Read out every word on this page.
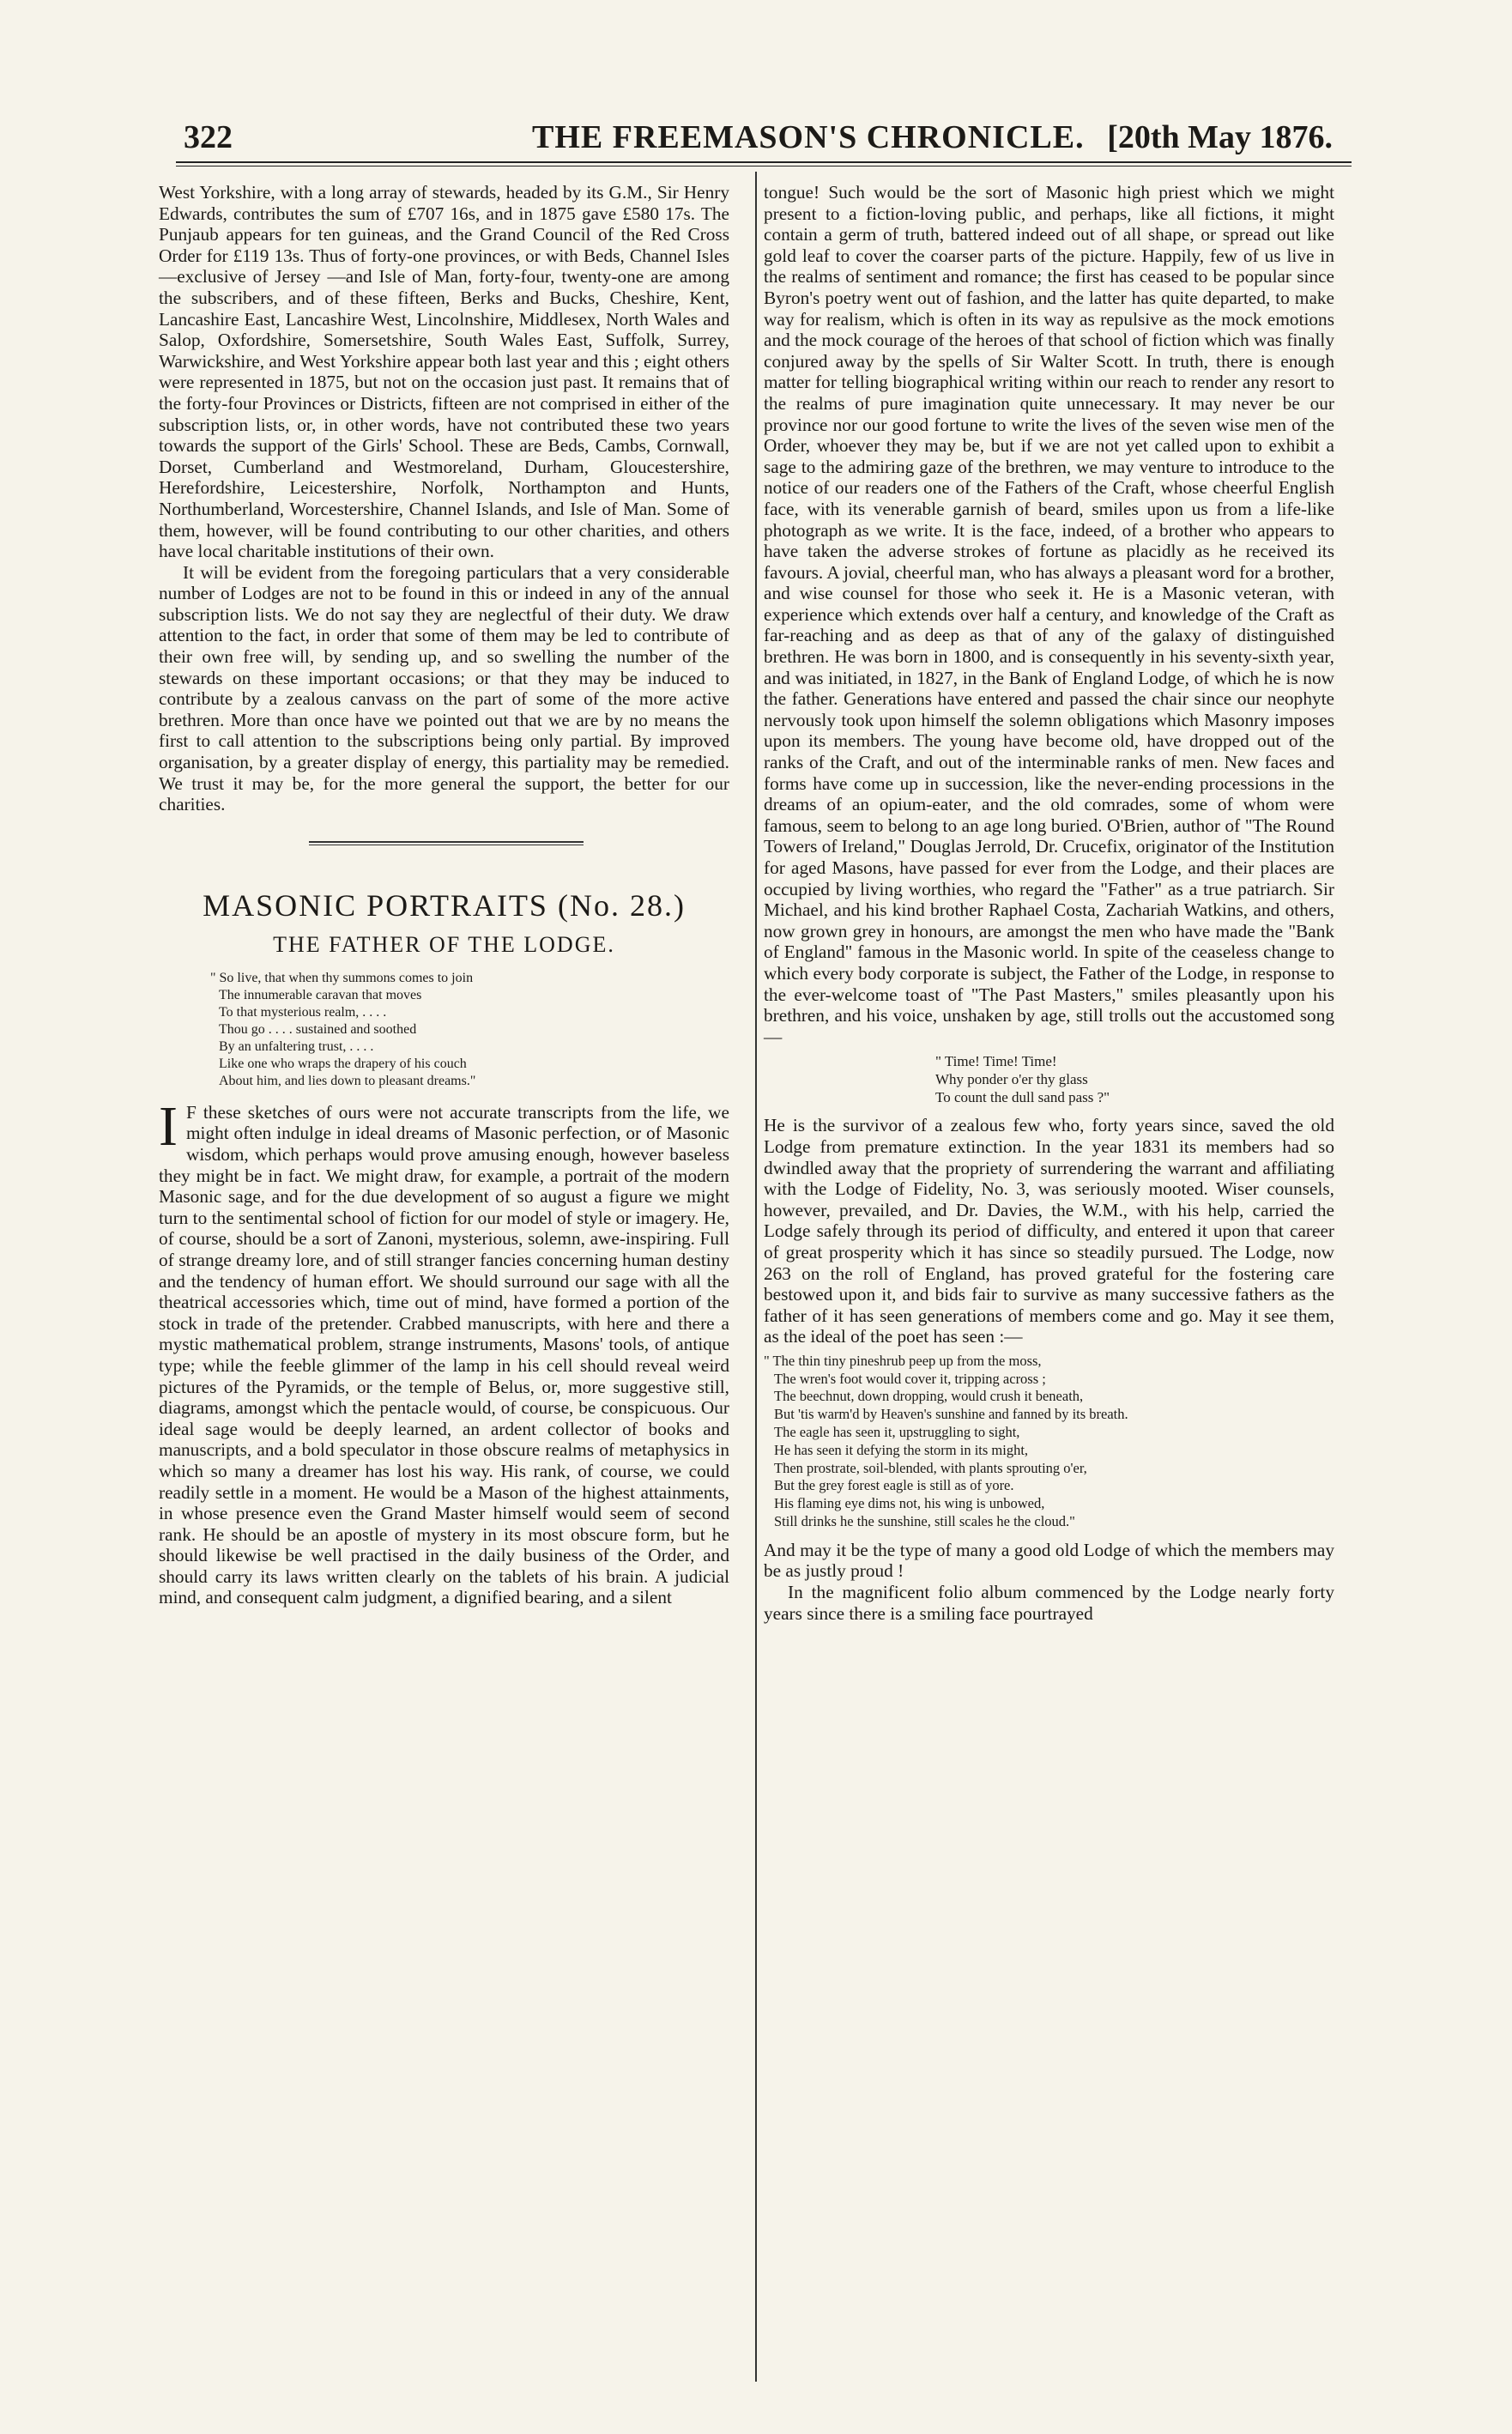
322	THE FREEMASON'S CHRONICLE. [20th May 1876.

West Yorkshire, with a long array of stewards, headed by its G.M., Sir Henry Edwards, contributes the sum of £707 16s, and in 1875 gave £580 17s. The Punjaub appears for ten guineas, and the Grand Council of the Red Cross Order for £119 13s. Thus of forty-one provinces, or with Beds, Channel Isles—exclusive of Jersey —and Isle of Man, forty-four, twenty-one are among the subscribers, and of these fifteen, Berks and Bucks, Cheshire, Kent, Lancashire East, Lancashire West, Lincolnshire, Middlesex, North Wales and Salop, Oxfordshire, Somersetshire, South Wales East, Suffolk, Surrey, Warwickshire, and West Yorkshire appear both last year and this ; eight others were represented in 1875, but not on the occasion just past. It remains that of the forty-four Provinces or Districts, fifteen are not comprised in either of the subscription lists, or, in other words, have not contributed these two years towards the support of the Girls' School. These are Beds, Cambs, Cornwall, Dorset, Cumberland and Westmoreland, Durham, Gloucestershire, Herefordshire, Leicestershire, Norfolk, Northampton and Hunts, Northumberland, Worcestershire, Channel Islands, and Isle of Man. Some of them, however, will be found contributing to our other charities, and others have local charitable institutions of their own.

It will be evident from the foregoing particulars that a very considerable number of Lodges are not to be found in this or indeed in any of the annual subscription lists. We do not say they are neglectful of their duty. We draw attention to the fact, in order that some of them may be led to contribute of their own free will, by sending up, and so swelling the number of the stewards on these important occasions; or that they may be induced to contribute by a zealous canvass on the part of some of the more active brethren. More than once have we pointed out that we are by no means the first to call attention to the subscriptions being only partial. By improved organisation, by a greater display of energy, this partiality may be remedied. We trust it may be, for the more general the support, the better for our charities.

MASONIC PORTRAITS (No. 28.)
THE FATHER OF THE LODGE.
" So live, that when thy summons comes to join
The innumerable caravan that moves
To that mysterious realm, . . . .
Thou go . . . . sustained and soothed
By an unfaltering trust, . . . .
Like one who wraps the drapery of his couch
About him, and lies down to pleasant dreams."

I F these sketches of ours were not accurate transcripts from the life, we might often indulge in ideal dreams of Masonic perfection, or of Masonic wisdom, which perhaps would prove amusing enough, however baseless they might be in fact. We might draw, for example, a portrait of the modern Masonic sage, and for the due development of so august a figure we might turn to the sentimental school of fiction for our model of style or imagery. He, of course, should be a sort of Zanoni, mysterious, solemn, awe-inspiring. Full of strange dreamy lore, and of still stranger fancies concerning human destiny and the tendency of human effort. We should surround our sage with all the theatrical accessories which, time out of mind, have formed a portion of the stock in trade of the pretender. Crabbed manuscripts, with here and there a mystic mathematical problem, strange instruments, Masons' tools, of antique type; while the feeble glimmer of the lamp in his cell should reveal weird pictures of the Pyramids, or the temple of Belus, or, more suggestive still, diagrams, amongst which the pentacle would, of course, be conspicuous. Our ideal sage would be deeply learned, an ardent collector of books and manuscripts, and a bold speculator in those obscure realms of metaphysics in which so many a dreamer has lost his way. His rank, of course, we could readily settle in a moment. He would be a Mason of the highest attainments, in whose presence even the Grand Master himself would seem of second rank. He should be an apostle of mystery in its most obscure form, but he should likewise be well practised in the daily business of the Order, and should carry its laws written clearly on the tablets of his brain. A judicial mind, and consequent calm judgment, a dignified bearing, and a silent

tongue! Such would be the sort of Masonic high priest which we might present to a fiction-loving public, and perhaps, like all fictions, it might contain a germ of truth, battered indeed out of all shape, or spread out like gold leaf to cover the coarser parts of the picture. Happily, few of us live in the realms of sentiment and romance; the first has ceased to be popular since Byron's poetry went out of fashion, and the latter has quite departed, to make way for realism, which is often in its way as repulsive as the mock emotions and the mock courage of the heroes of that school of fiction which was finally conjured away by the spells of Sir Walter Scott. In truth, there is enough matter for telling biographical writing within our reach to render any resort to the realms of pure imagination quite unnecessary. It may never be our province nor our good fortune to write the lives of the seven wise men of the Order, whoever they may be, but if we are not yet called upon to exhibit a sage to the admiring gaze of the brethren, we may venture to introduce to the notice of our readers one of the Fathers of the Craft, whose cheerful English face, with its venerable garnish of beard, smiles upon us from a life-like photograph as we write. It is the face, indeed, of a brother who appears to have taken the adverse strokes of fortune as placidly as he received its favours. A jovial, cheerful man, who has always a pleasant word for a brother, and wise counsel for those who seek it. He is a Masonic veteran, with experience which extends over half a century, and knowledge of the Craft as far-reaching and as deep as that of any of the galaxy of distinguished brethren. He was born in 1800, and is consequently in his seventy-sixth year, and was initiated, in 1827, in the Bank of England Lodge, of which he is now the father. Generations have entered and passed the chair since our neophyte nervously took upon himself the solemn obligations which Masonry imposes upon its members. The young have become old, have dropped out of the ranks of the Craft, and out of the interminable ranks of men. New faces and forms have come up in succession, like the never-ending processions in the dreams of an opium-eater, and the old comrades, some of whom were famous, seem to belong to an age long buried. O'Brien, author of "The Round Towers of Ireland," Douglas Jerrold, Dr. Crucefix, originator of the Institution for aged Masons, have passed for ever from the Lodge, and their places are occupied by living worthies, who regard the "Father" as a true patriarch. Sir Michael, and his kind brother Raphael Costa, Zachariah Watkins, and others, now grown grey in honours, are amongst the men who have made the "Bank of England" famous in the Masonic world. In spite of the ceaseless change to which every body corporate is subject, the Father of the Lodge, in response to the ever-welcome toast of "The Past Masters," smiles pleasantly upon his brethren, and his voice, unshaken by age, still trolls out the accustomed song—

" Time! Time! Time!
Why ponder o'er thy glass
To count the dull sand pass ?"

He is the survivor of a zealous few who, forty years since, saved the old Lodge from premature extinction. In the year 1831 its members had so dwindled away that the propriety of surrendering the warrant and affiliating with the Lodge of Fidelity, No. 3, was seriously mooted. Wiser counsels, however, prevailed, and Dr. Davies, the W.M., with his help, carried the Lodge safely through its period of difficulty, and entered it upon that career of great prosperity which it has since so steadily pursued. The Lodge, now 263 on the roll of England, has proved grateful for the fostering care bestowed upon it, and bids fair to survive as many successive fathers as the father of it has seen generations of members come and go. May it see them, as the ideal of the poet has seen :—

" The thin tiny pineshrub peep up from the moss,
The wren's foot would cover it, tripping across ;
The beechnut, down dropping, would crush it beneath,
But 'tis warm'd by Heaven's sunshine and fanned by its breath.
The eagle has seen it, upstruggling to sight,
He has seen it defying the storm in its might,
Then prostrate, soil-blended, with plants sprouting o'er,
But the grey forest eagle is still as of yore.
His flaming eye dims not, his wing is unbowed,
Still drinks he the sunshine, still scales he the cloud."

And may it be the type of many a good old Lodge of which the members may be as justly proud !

In the magnificent folio album commenced by the Lodge nearly forty years since there is a smiling face pourtrayed
